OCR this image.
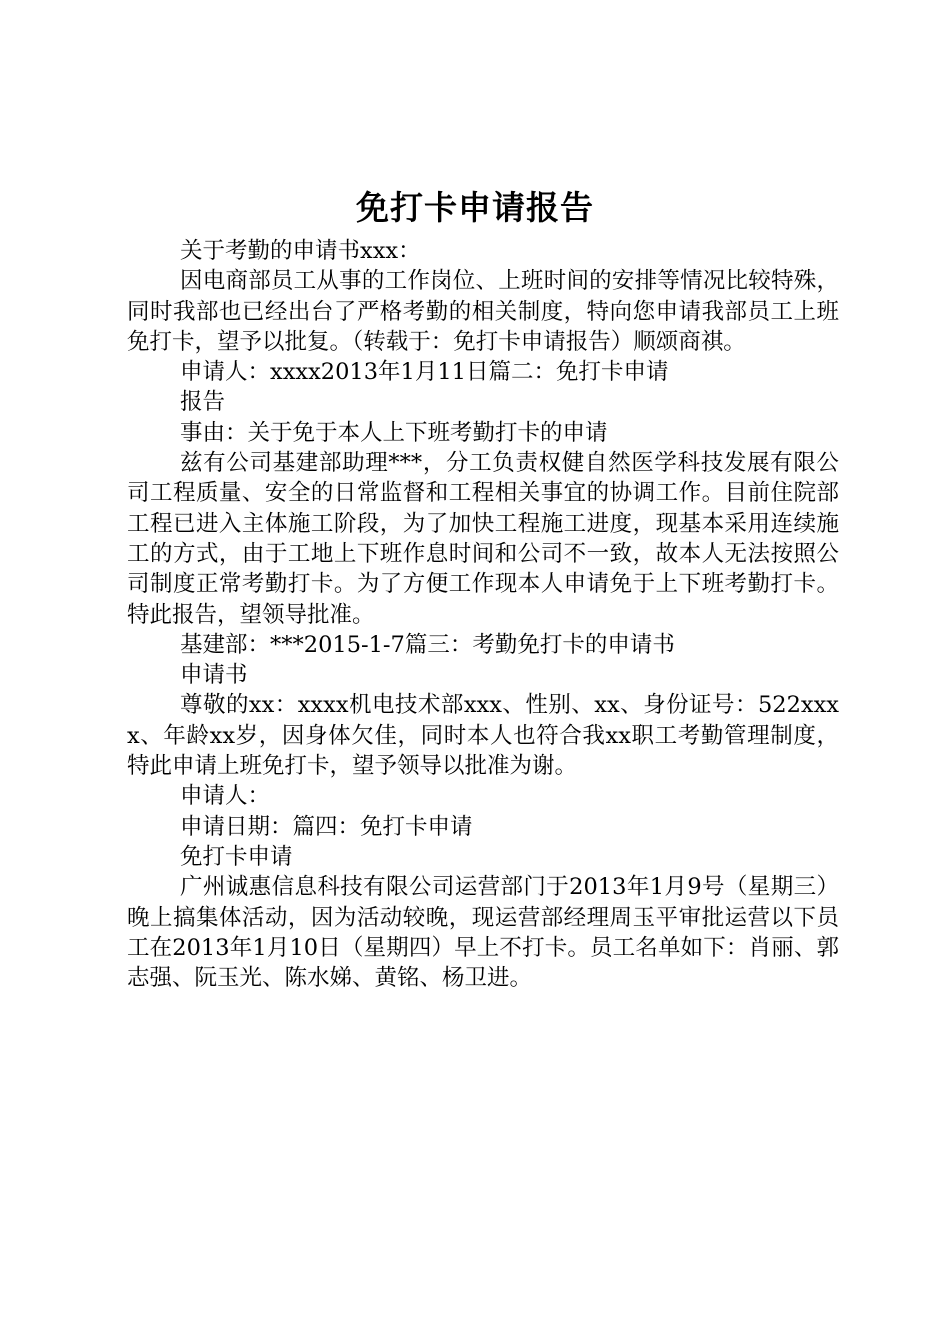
免打卡申请报告

关于考勤的申请书xxx：

因电商部员工从事的工作岗位、上班时间的安排等情况比较特殊，同时我部也已经出台了严格考勤的相关制度，特向您申请我部员工上班免打卡，望予以批复。（转载于：免打卡申请报告）顺颂商祺。

申请人：xxxx2013年1月11日篇二：免打卡申请

报告

事由：关于免于本人上下班考勤打卡的申请

兹有公司基建部助理***，分工负责权健自然医学科技发展有限公司工程质量、安全的日常监督和工程相关事宜的协调工作。目前住院部工程已进入主体施工阶段，为了加快工程施工进度，现基本采用连续施工的方式，由于工地上下班作息时间和公司不一致，故本人无法按照公司制度正常考勤打卡。为了方便工作现本人申请免于上下班考勤打卡。特此报告，望领导批准。

基建部：***2015-1-7篇三：考勤免打卡的申请书

申请书

尊敬的xx：xxxx机电技术部xxx、性别、xx、身份证号：522xxxx、年龄xx岁，因身体欠佳，同时本人也符合我xx职工考勤管理制度，特此申请上班免打卡，望予领导以批准为谢。

申请人：

申请日期：篇四：免打卡申请

免打卡申请

广州诚惠信息科技有限公司运营部门于2013年1月9号（星期三）晚上搞集体活动，因为活动较晚，现运营部经理周玉平审批运营以下员工在2013年1月10日（星期四）早上不打卡。员工名单如下：肖丽、郭志强、阮玉光、陈水娣、黄铭、杨卫进。
